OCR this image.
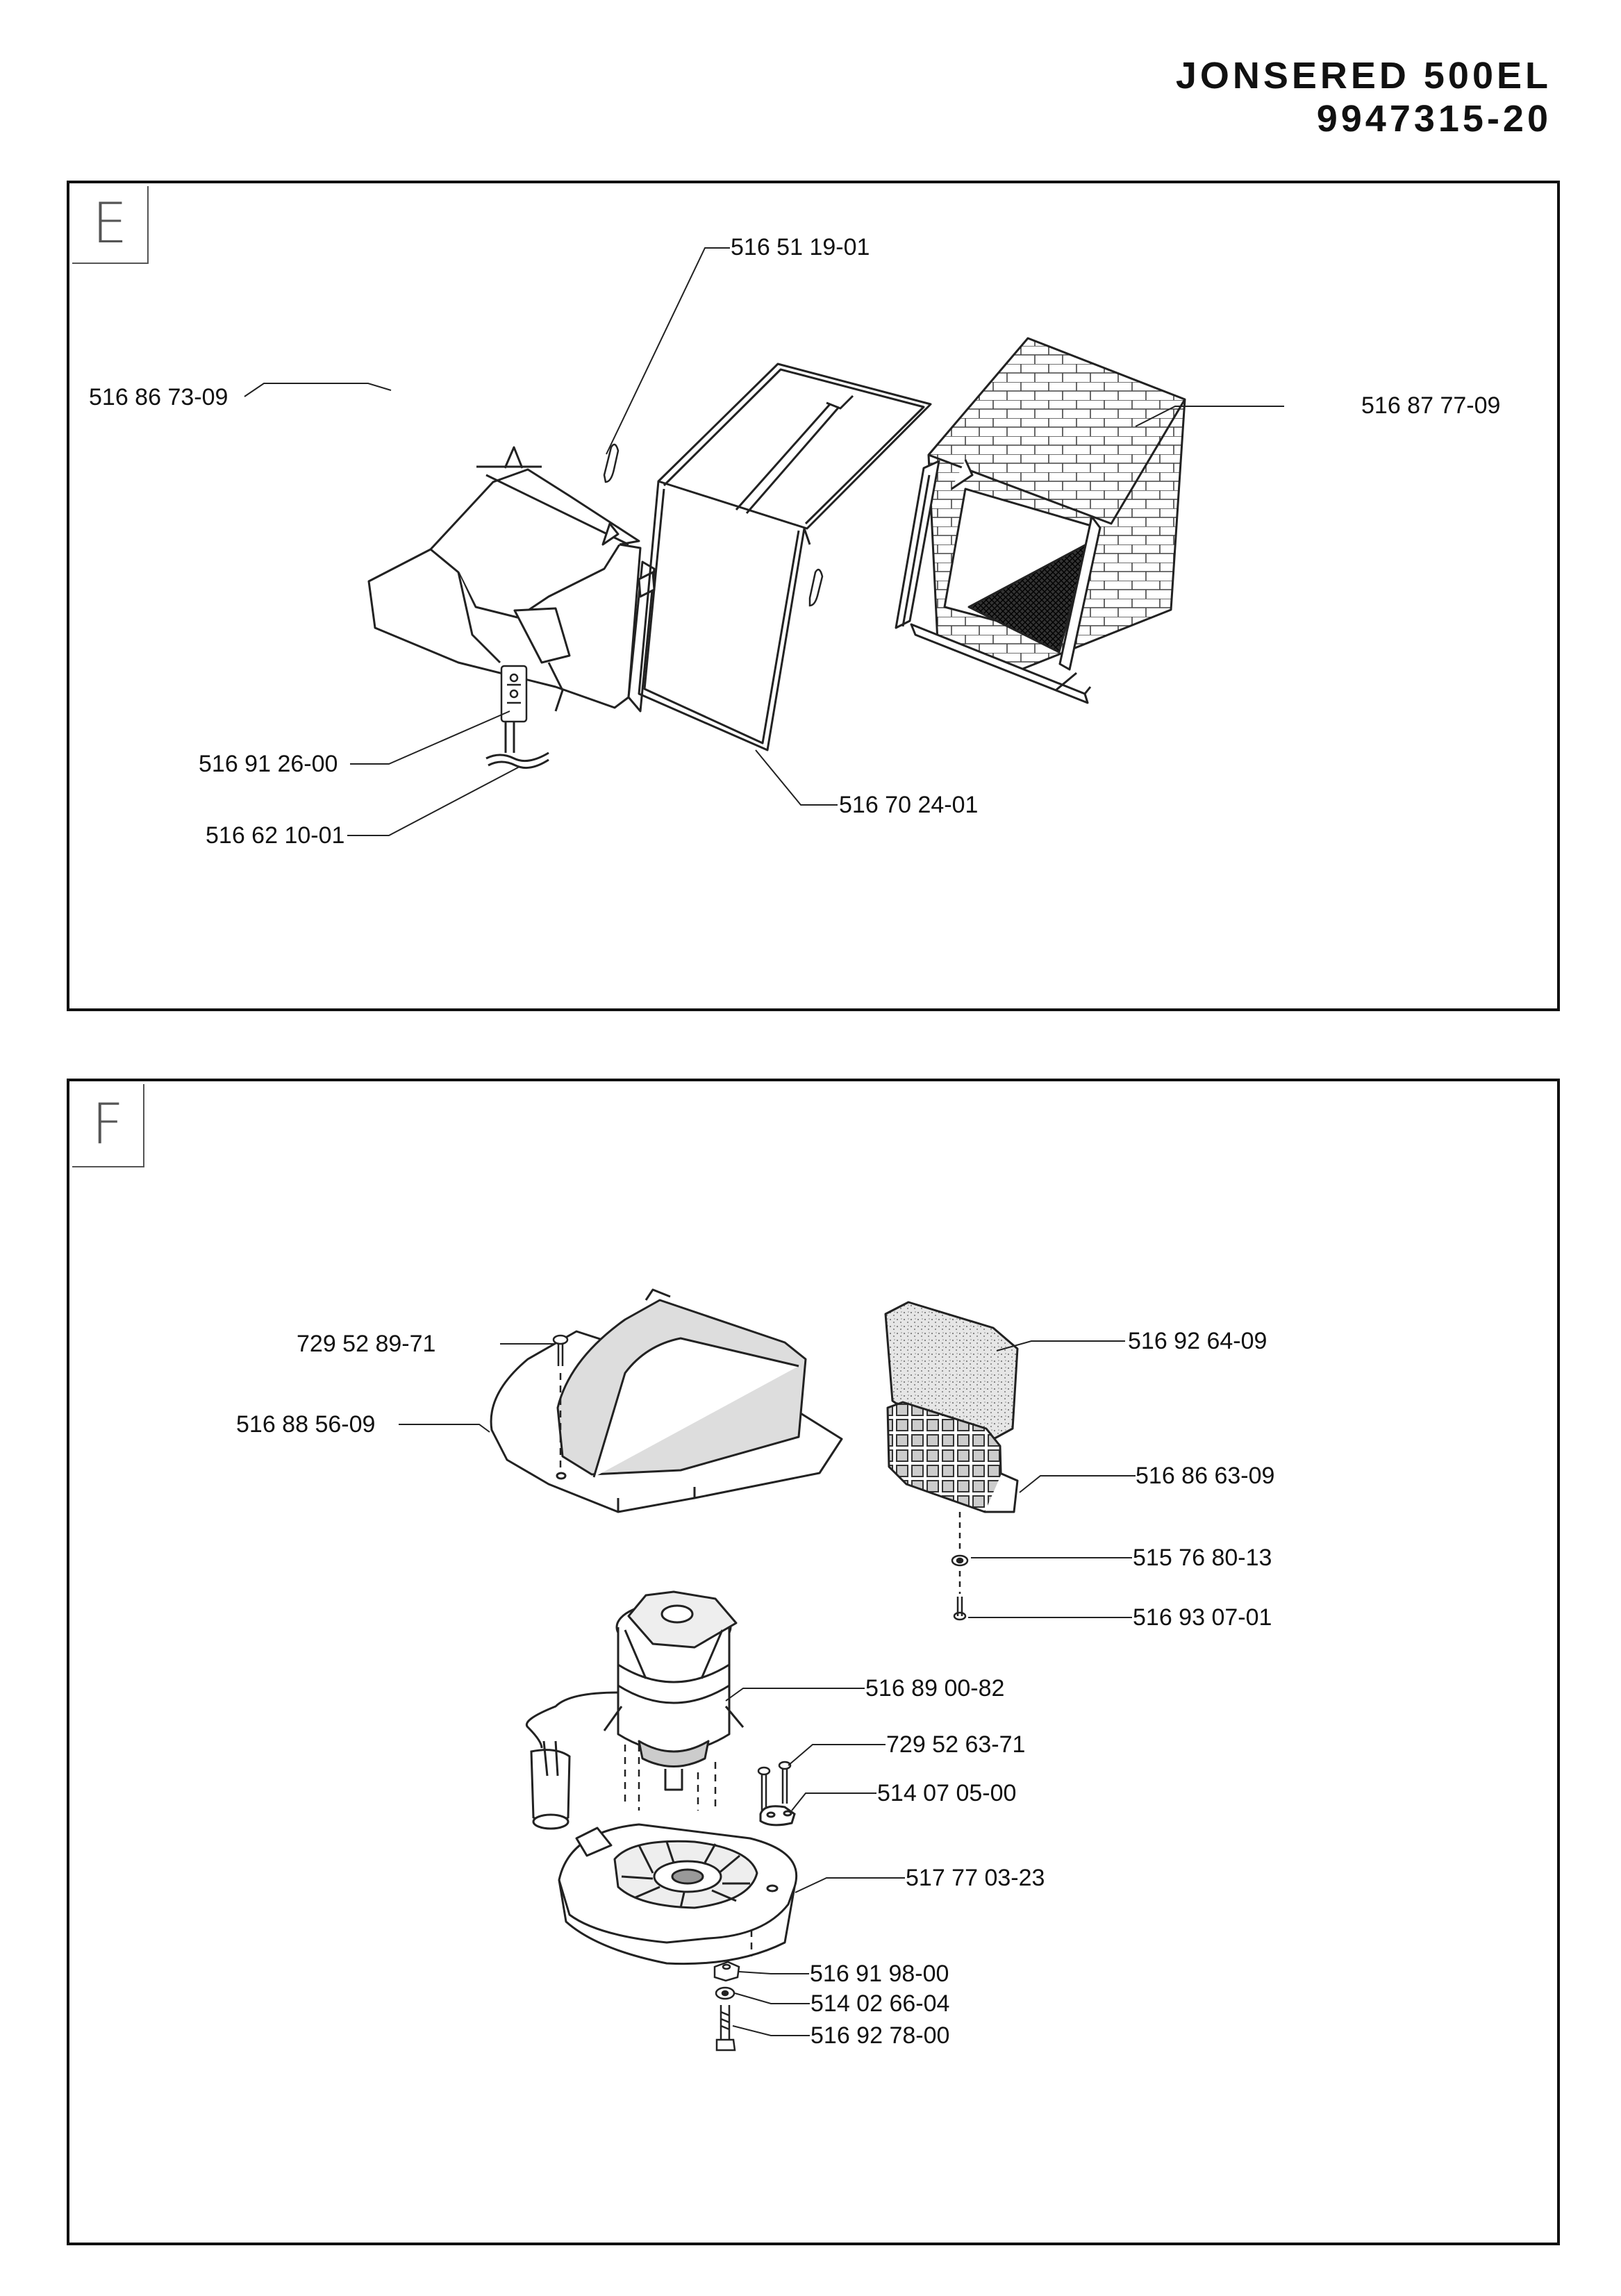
JONSERED 500EL
9947315-20
E	516 51 19-01
516 87 77-09
516 86 73-09
516 91 26-00
516 62 10-01
516 70 24-01
F
729 52 89-71
516 88 56-09
516 92 64-09
516 86 63-09
515 76 80-13
516 93 07-01
516 89 00-82
729 52 63-71
514 07 05-00
517 77 03-23
516 91 98-00
514 02 66-04
516 92 78-00
